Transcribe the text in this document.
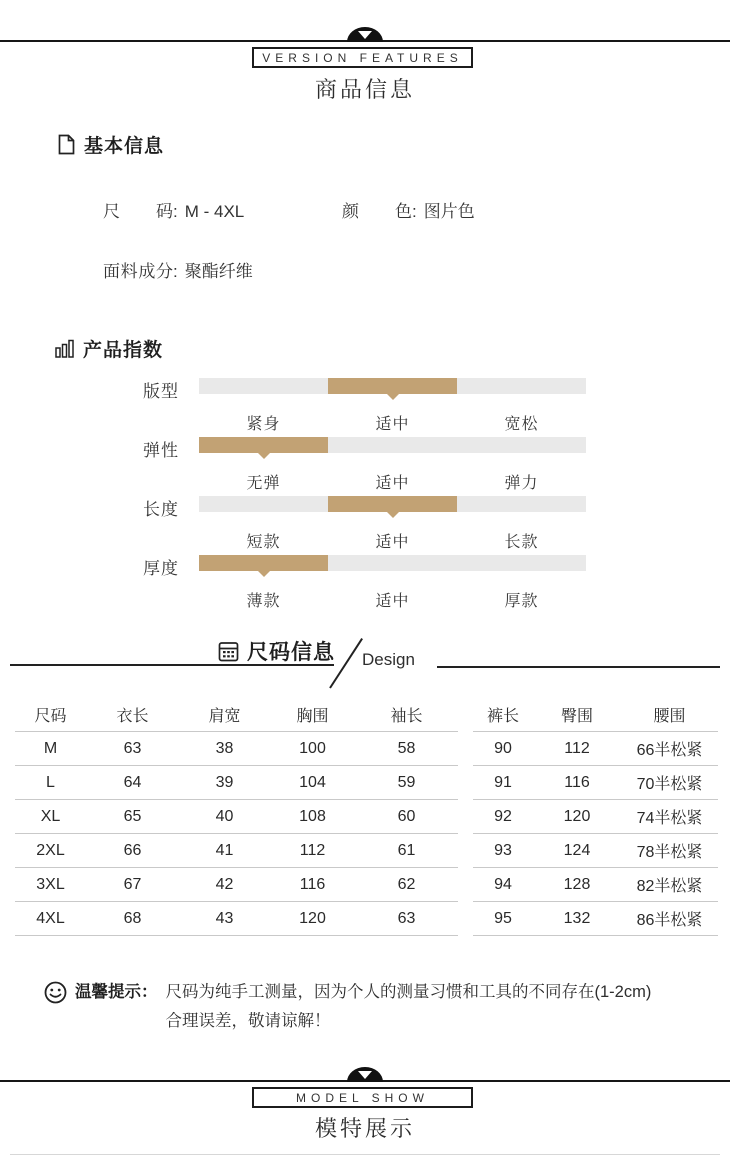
VERSION FEATURES
商品信息
基本信息
尺码: M - 4XL	颜色: 图片色
面料成分: 聚酯纤维
产品指数
版型
紧身	适中	宽松
弹性
无弹	适中	弹力
长度
短款	适中	长款
厚度
薄款	适中	厚款
尺码信息 Design
尺码	衣长	肩宽	胸围	袖长
M	63	38	100	58
L	64	39	104	59
XL	65	40	108	60
2XL	66	41	112	61
3XL	67	42	116	62
4XL	68	43	120	63
裤长	臀围	腰围
90	112	66半松紧
91	116	70半松紧
92	120	74半松紧
93	124	78半松紧
94	128	82半松紧
95	132	86半松紧
温馨提示： 尺码为纯手工测量，因为个人的测量习惯和工具的不同存在(1-2cm)
合理误差，敬请谅解！
MODEL SHOW
模特展示
